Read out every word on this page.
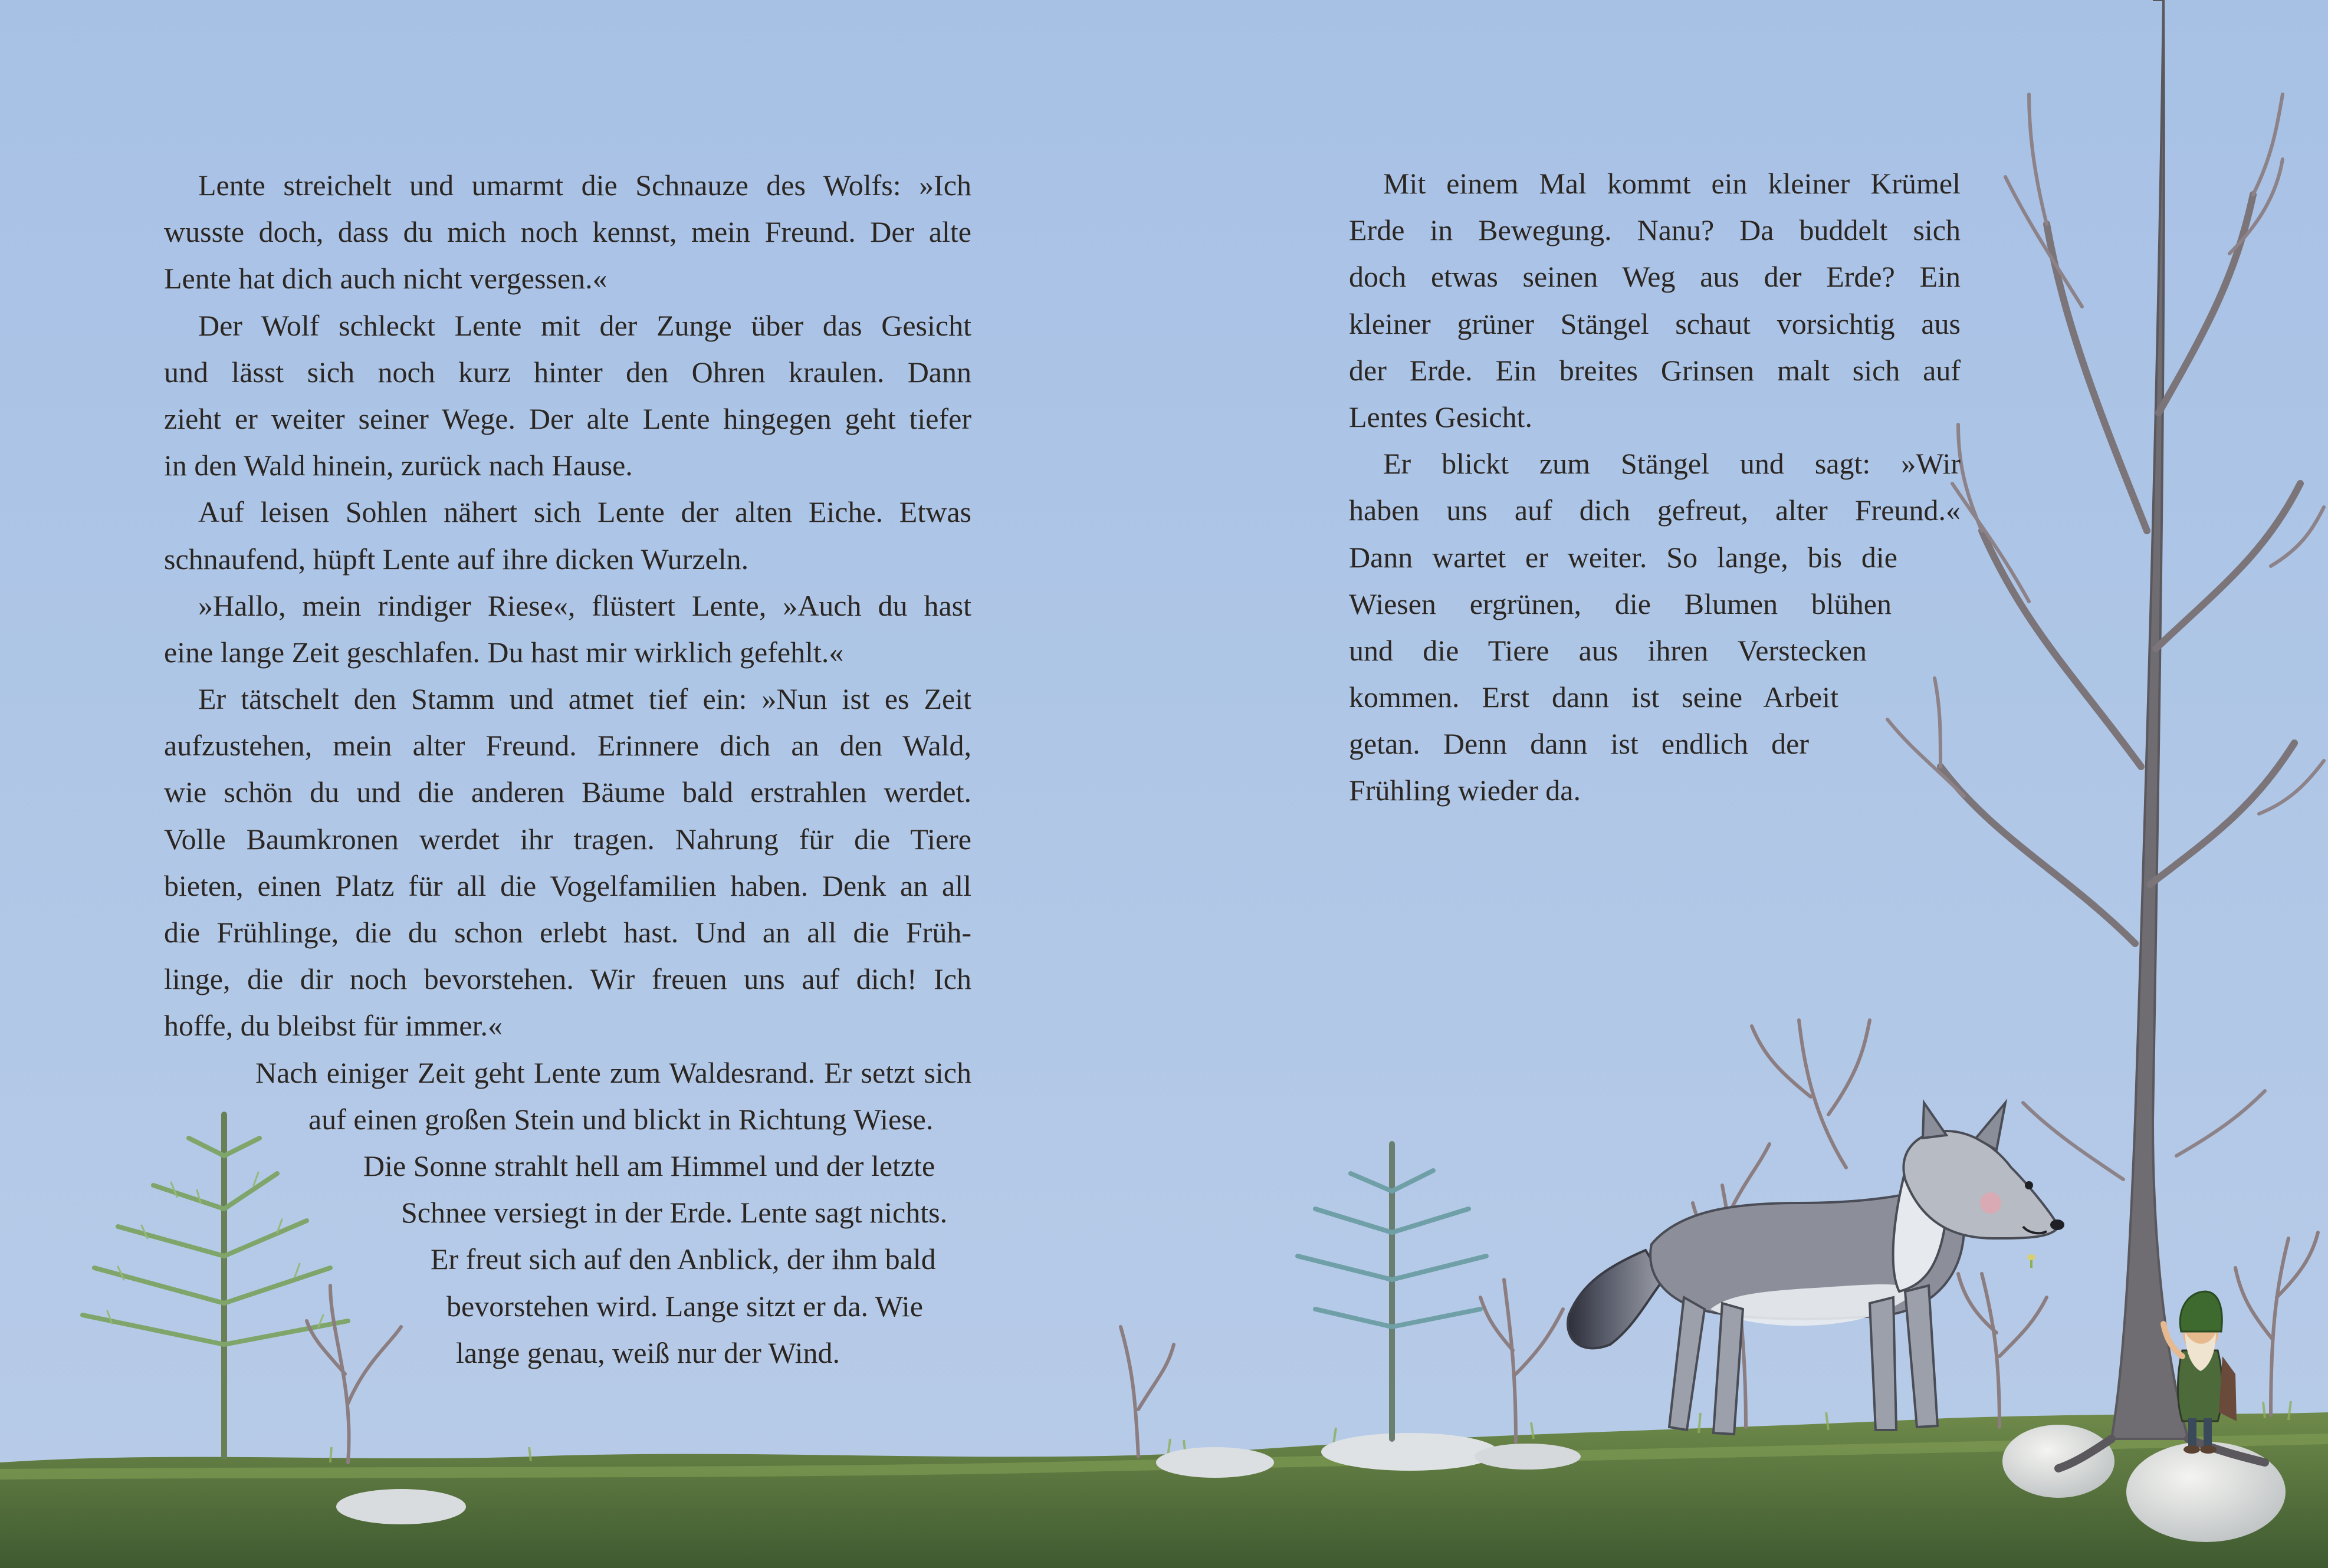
Lente streichelt und umarmt die Schnauze des Wolfs: »Ich
wusste doch, dass du mich noch kennst, mein Freund. Der alte
Lente hat dich auch nicht vergessen.«
Der Wolf schleckt Lente mit der Zunge über das Gesicht
und lässt sich noch kurz hinter den Ohren kraulen. Dann
zieht er weiter seiner Wege. Der alte Lente hingegen geht tiefer
in den Wald hinein, zurück nach Hause.
Auf leisen Sohlen nähert sich Lente der alten Eiche. Etwas
schnaufend, hüpft Lente auf ihre dicken Wurzeln.
»Hallo, mein rindiger Riese«, flüstert Lente, »Auch du hast
eine lange Zeit geschlafen. Du hast mir wirklich gefehlt.«
Er tätschelt den Stamm und atmet tief ein: »Nun ist es Zeit
aufzustehen, mein alter Freund. Erinnere dich an den Wald,
wie schön du und die anderen Bäume bald erstrahlen werdet.
Volle Baumkronen werdet ihr tragen. Nahrung für die Tiere
bieten, einen Platz für all die Vogelfamilien haben. Denk an all
die Frühlinge, die du schon erlebt hast. Und an all die Früh-
linge, die dir noch bevorstehen. Wir freuen uns auf dich! Ich
hoffe, du bleibst für immer.«
Nach einiger Zeit geht Lente zum Waldesrand. Er setzt sich
auf einen großen Stein und blickt in Richtung Wiese.
Die Sonne strahlt hell am Himmel und der letzte
Schnee versiegt in der Erde. Lente sagt nichts.
Er freut sich auf den Anblick, der ihm bald
bevorstehen wird. Lange sitzt er da. Wie
lange genau, weiß nur der Wind.
Mit einem Mal kommt ein kleiner Krümel
Erde in Bewegung. Nanu? Da buddelt sich
doch etwas seinen Weg aus der Erde? Ein
kleiner grüner Stängel schaut vorsichtig aus
der Erde. Ein breites Grinsen malt sich auf
Lentes Gesicht.
Er blickt zum Stängel und sagt: »Wir
haben uns auf dich gefreut, alter Freund.«
Dann wartet er weiter. So lange, bis die
Wiesen ergrünen, die Blumen blühen
und die Tiere aus ihren Verstecken
kommen. Erst dann ist seine Arbeit
getan. Denn dann ist endlich der
Frühling wieder da.
